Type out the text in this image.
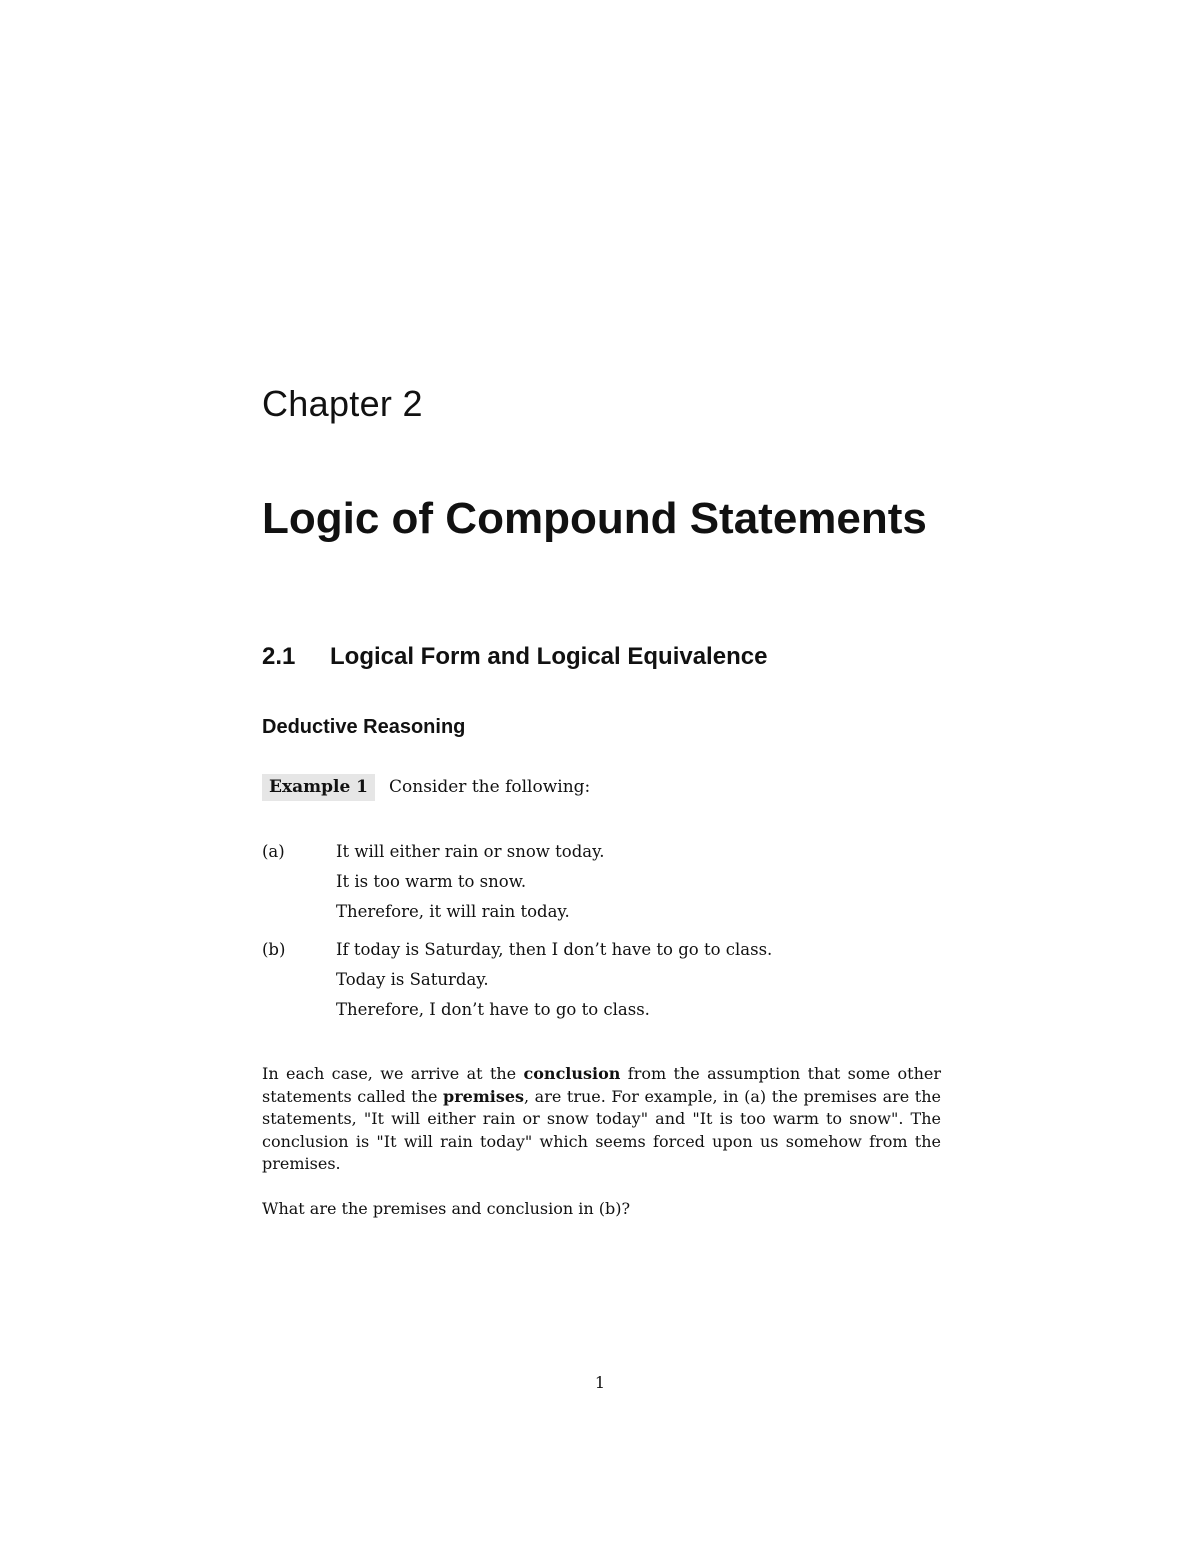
Chapter 2
Logic of Compound Statements
2.1 Logical Form and Logical Equivalence
Deductive Reasoning
Example 1	Consider the following:
(a)	It will either rain or snow today.
It is too warm to snow.
Therefore, it will rain today.
(b)	If today is Saturday, then I don’t have to go to class.
Today is Saturday.
Therefore, I don’t have to go to class.

In each case, we arrive at the conclusion from the assumption that some other statements called the premises, are true. For example, in (a) the premises are the statements, "It will either rain or snow today" and "It is too warm to snow". The conclusion is "It will rain today" which seems forced upon us somehow from the premises.

What are the premises and conclusion in (b)?

1
